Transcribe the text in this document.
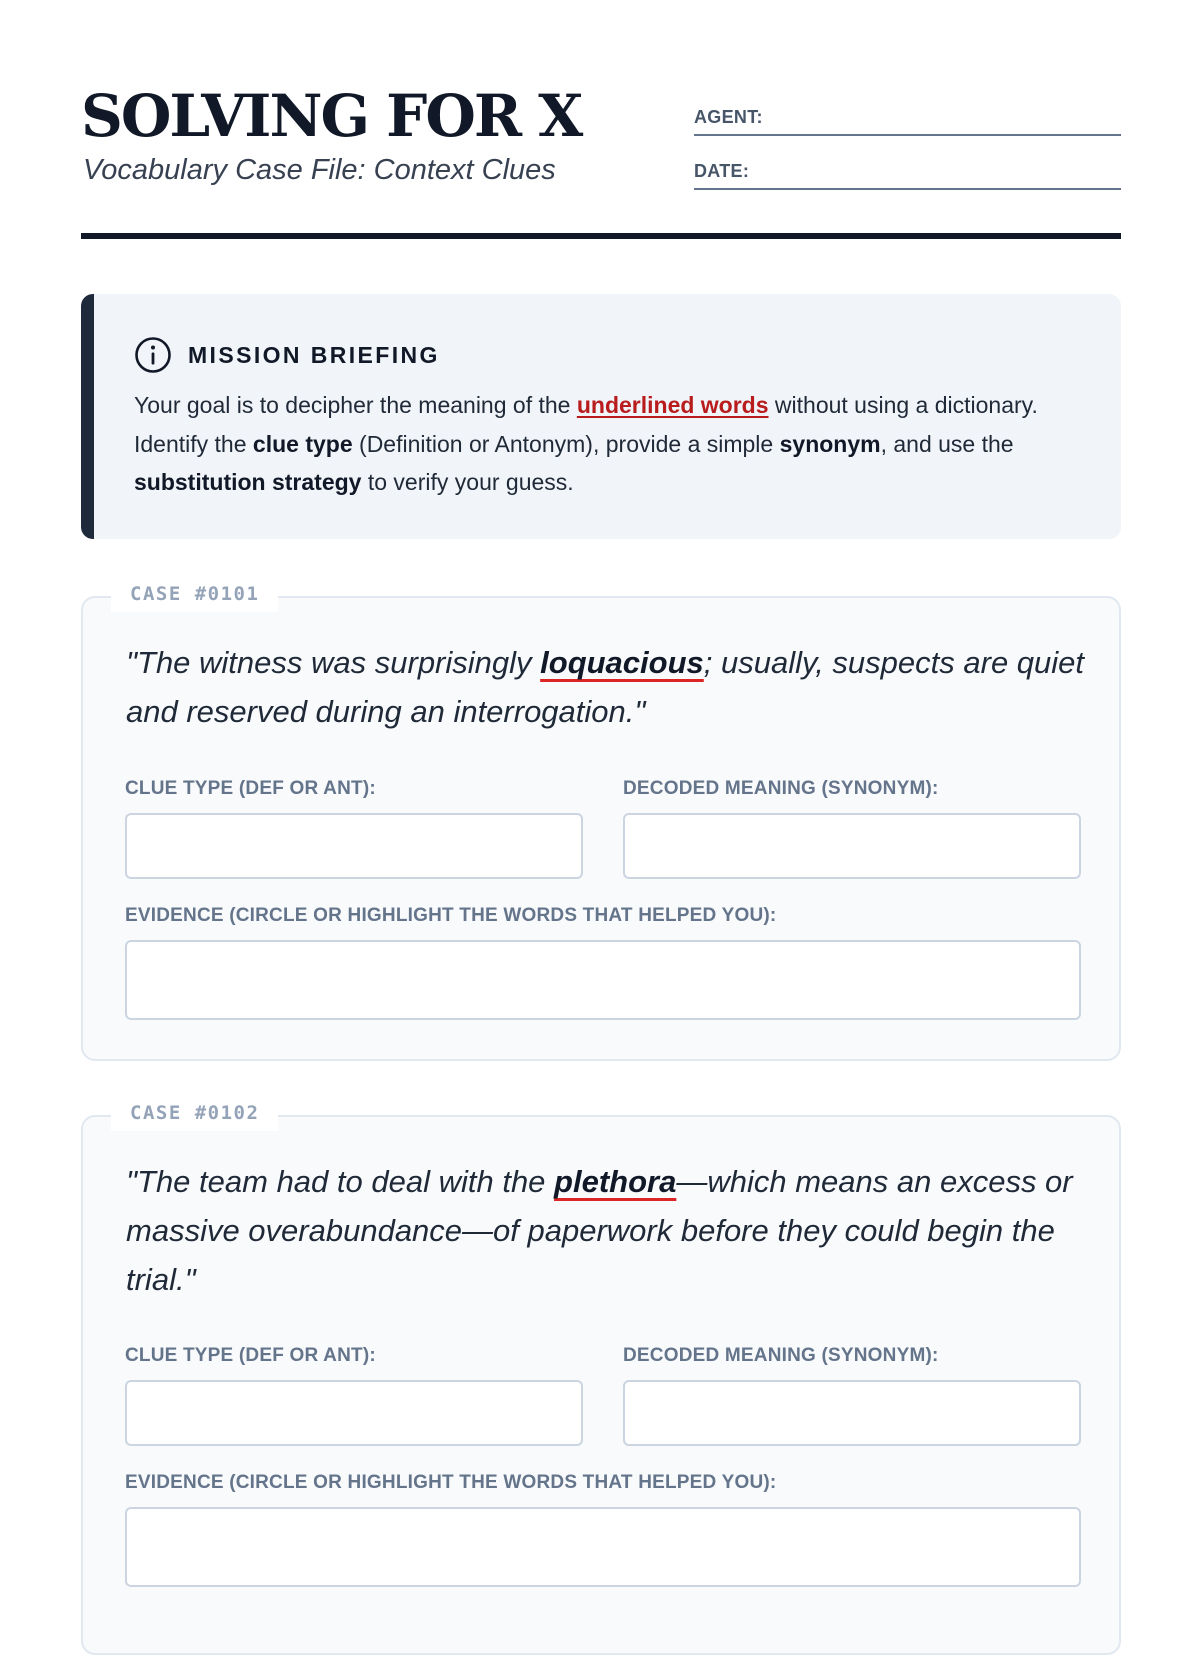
SOLVING FOR X
Vocabulary Case File: Context Clues
AGENT:
DATE:
MISSION BRIEFING
Your goal is to decipher the meaning of the underlined words without using a dictionary. Identify the clue type (Definition or Antonym), provide a simple synonym, and use the substitution strategy to verify your guess.
CASE #0101
"The witness was surprisingly loquacious; usually, suspects are quiet and reserved during an interrogation."
CLUE TYPE (DEF OR ANT):	DECODED MEANING (SYNONYM):
EVIDENCE (CIRCLE OR HIGHLIGHT THE WORDS THAT HELPED YOU):
CASE #0102
"The team had to deal with the plethora—which means an excess or massive overabundance—of paperwork before they could begin the trial."
CLUE TYPE (DEF OR ANT):	DECODED MEANING (SYNONYM):
EVIDENCE (CIRCLE OR HIGHLIGHT THE WORDS THAT HELPED YOU):
